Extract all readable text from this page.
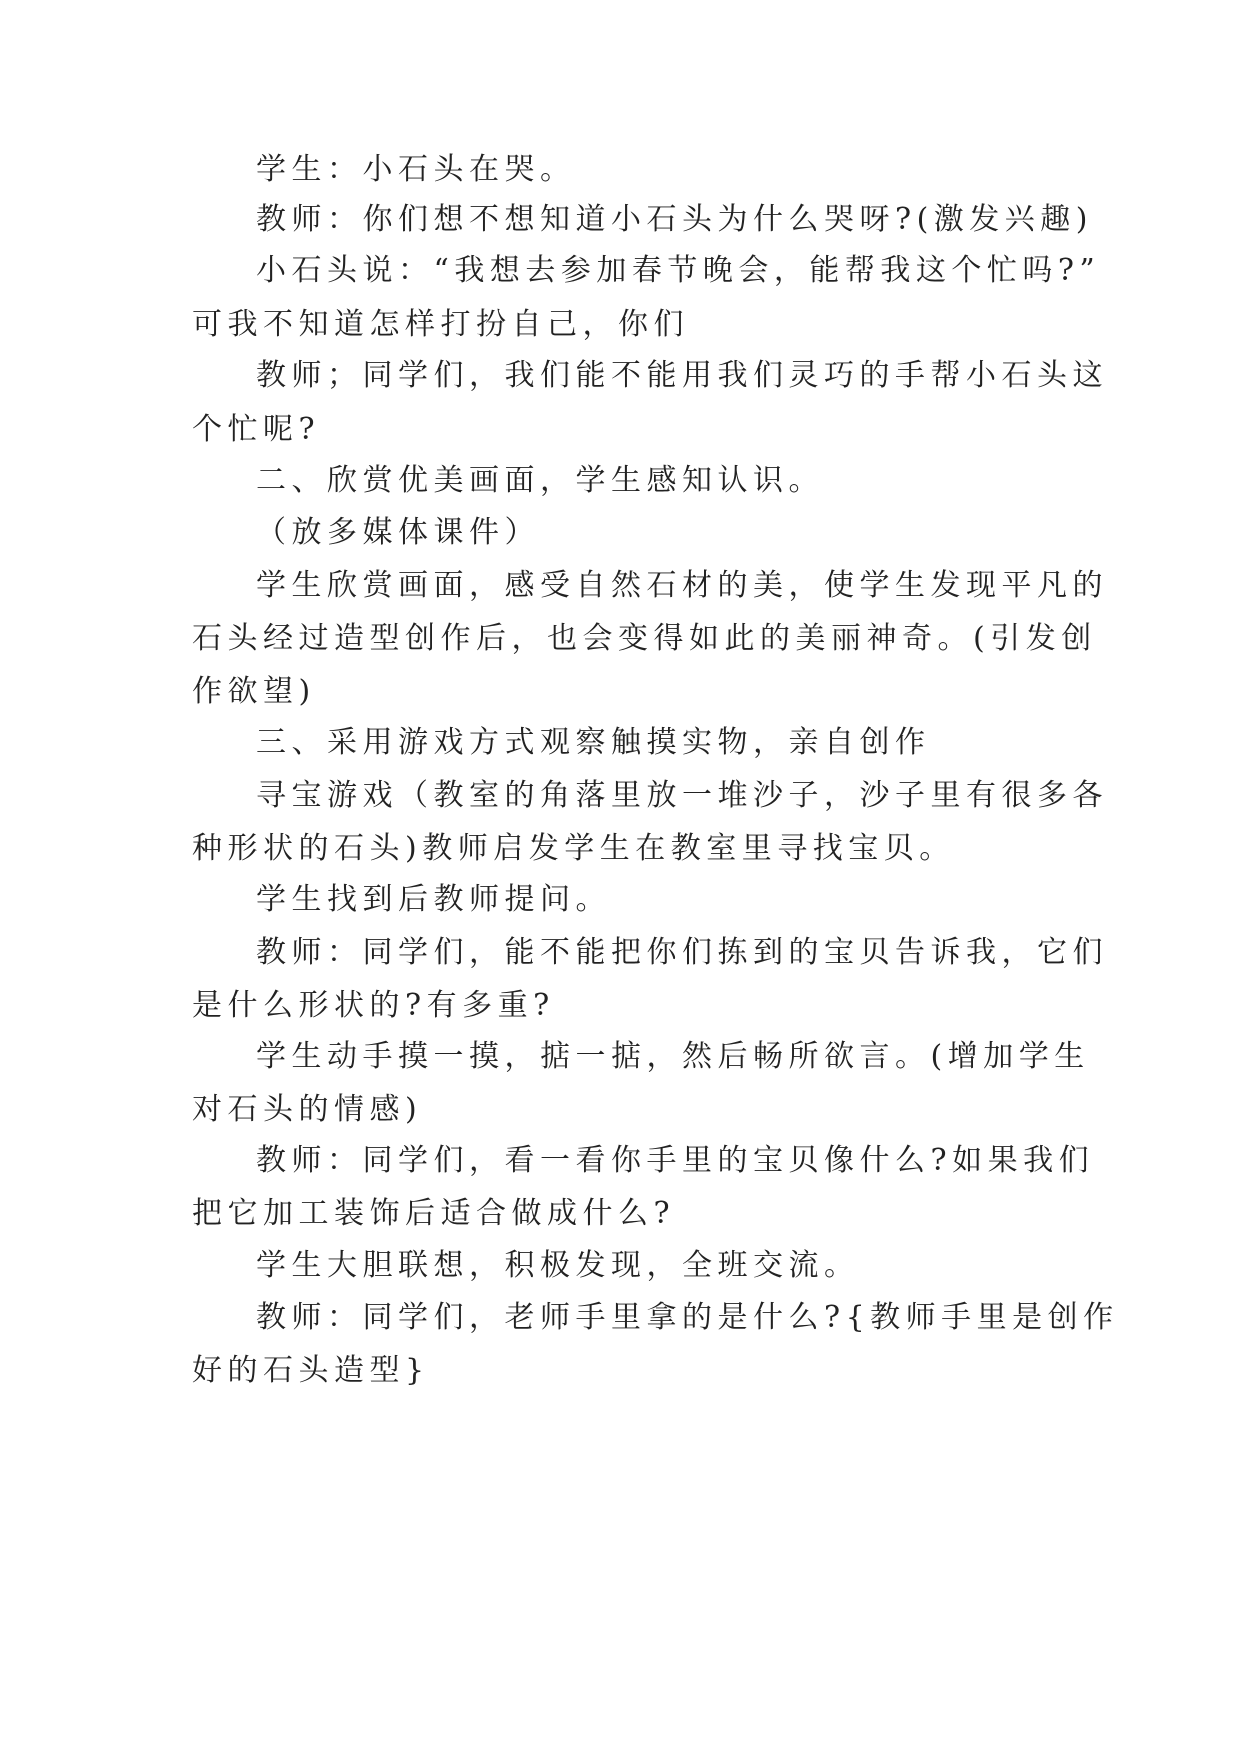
学生：小石头在哭。

教师：你们想不想知道小石头为什么哭呀?(激发兴趣)

小石头说：“我想去参加春节晚会，能帮我这个忙吗?”

可我不知道怎样打扮自己，你们

教师；同学们，我们能不能用我们灵巧的手帮小石头这

个忙呢?

二、欣赏优美画面，学生感知认识。

（放多媒体课件）

学生欣赏画面，感受自然石材的美，使学生发现平凡的

石头经过造型创作后，也会变得如此的美丽神奇。(引发创

作欲望)

三、采用游戏方式观察触摸实物，亲自创作

寻宝游戏（教室的角落里放一堆沙子，沙子里有很多各

种形状的石头)教师启发学生在教室里寻找宝贝。

学生找到后教师提问。

教师：同学们，能不能把你们拣到的宝贝告诉我，它们

是什么形状的?有多重?

学生动手摸一摸，掂一掂，然后畅所欲言。(增加学生

对石头的情感)

教师：同学们，看一看你手里的宝贝像什么?如果我们

把它加工装饰后适合做成什么?

学生大胆联想，积极发现，全班交流。

教师：同学们，老师手里拿的是什么?{教师手里是创作

好的石头造型}
